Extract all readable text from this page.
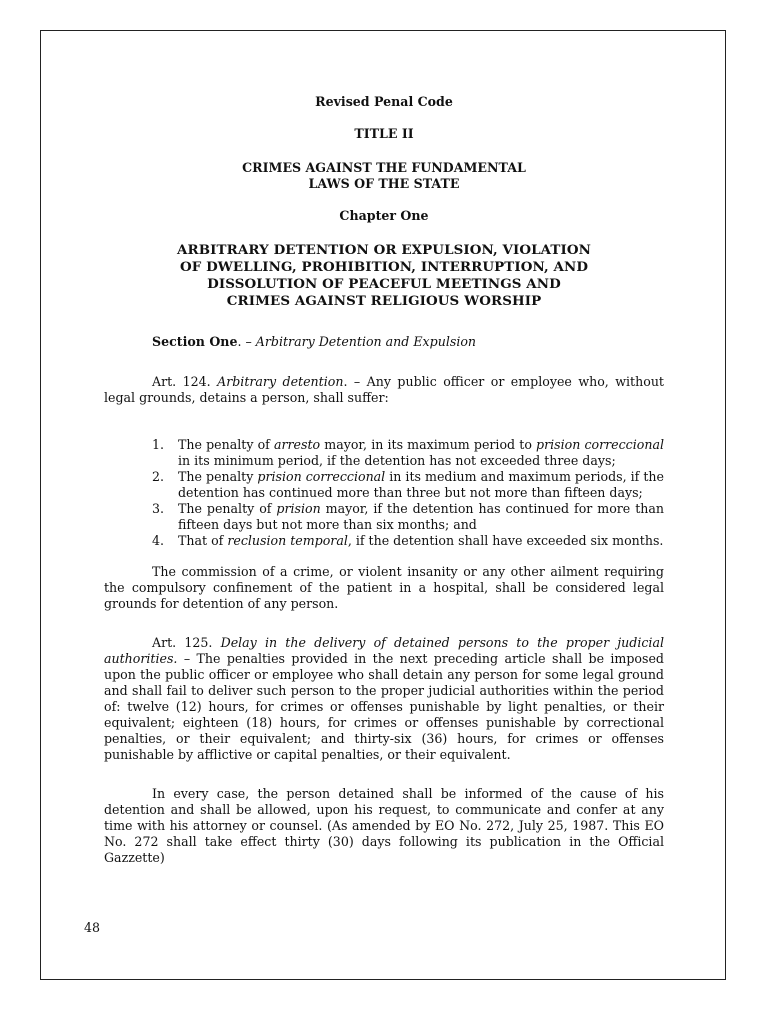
Revised Penal Code
TITLE II
CRIMES AGAINST THE FUNDAMENTAL
LAWS OF THE STATE
Chapter One
ARBITRARY DETENTION OR EXPULSION, VIOLATION
OF DWELLING, PROHIBITION, INTERRUPTION, AND
DISSOLUTION OF PEACEFUL MEETINGS AND
CRIMES AGAINST RELIGIOUS WORSHIP
Section One. – Arbitrary Detention and Expulsion

Art. 124. Arbitrary detention. – Any public officer or employee who, without legal grounds, detains a person, shall suffer:

1. The penalty of arresto mayor, in its maximum period to prision correccional in its minimum period, if the detention has not exceeded three days;
2. The penalty prision correccional in its medium and maximum periods, if the detention has continued more than three but not more than fifteen days;
3. The penalty of prision mayor, if the detention has continued for more than fifteen days but not more than six months; and
4. That of reclusion temporal, if the detention shall have exceeded six months.

The commission of a crime, or violent insanity or any other ailment requiring the compulsory confinement of the patient in a hospital, shall be considered legal grounds for detention of any person.

Art. 125. Delay in the delivery of detained persons to the proper judicial authorities. – The penalties provided in the next preceding article shall be imposed upon the public officer or employee who shall detain any person for some legal ground and shall fail to deliver such person to the proper judicial authorities within the period of: twelve (12) hours, for crimes or offenses punishable by light penalties, or their equivalent; eighteen (18) hours, for crimes or offenses punishable by correctional penalties, or their equivalent; and thirty-six (36) hours, for crimes or offenses punishable by afflictive or capital penalties, or their equivalent.

In every case, the person detained shall be informed of the cause of his detention and shall be allowed, upon his request, to communicate and confer at any time with his attorney or counsel. (As amended by EO No. 272, July 25, 1987. This EO No. 272 shall take effect thirty (30) days following its publication in the Official Gazzette)

48
